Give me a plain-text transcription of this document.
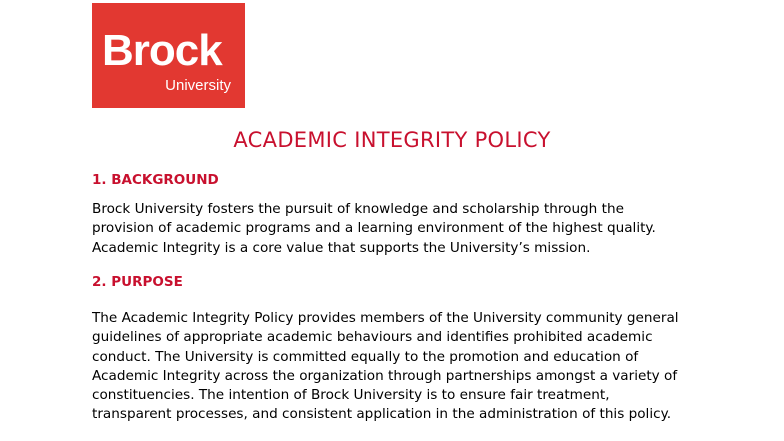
Brock
University
ACADEMIC INTEGRITY POLICY
1. BACKGROUND

Brock University fosters the pursuit of knowledge and scholarship through the
provision of academic programs and a learning environment of the highest quality.
Academic Integrity is a core value that supports the University’s mission.

2. PURPOSE

The Academic Integrity Policy provides members of the University community general
guidelines of appropriate academic behaviours and identifies prohibited academic
conduct. The University is committed equally to the promotion and education of
Academic Integrity across the organization through partnerships amongst a variety of
constituencies. The intention of Brock University is to ensure fair treatment,
transparent processes, and consistent application in the administration of this policy.
